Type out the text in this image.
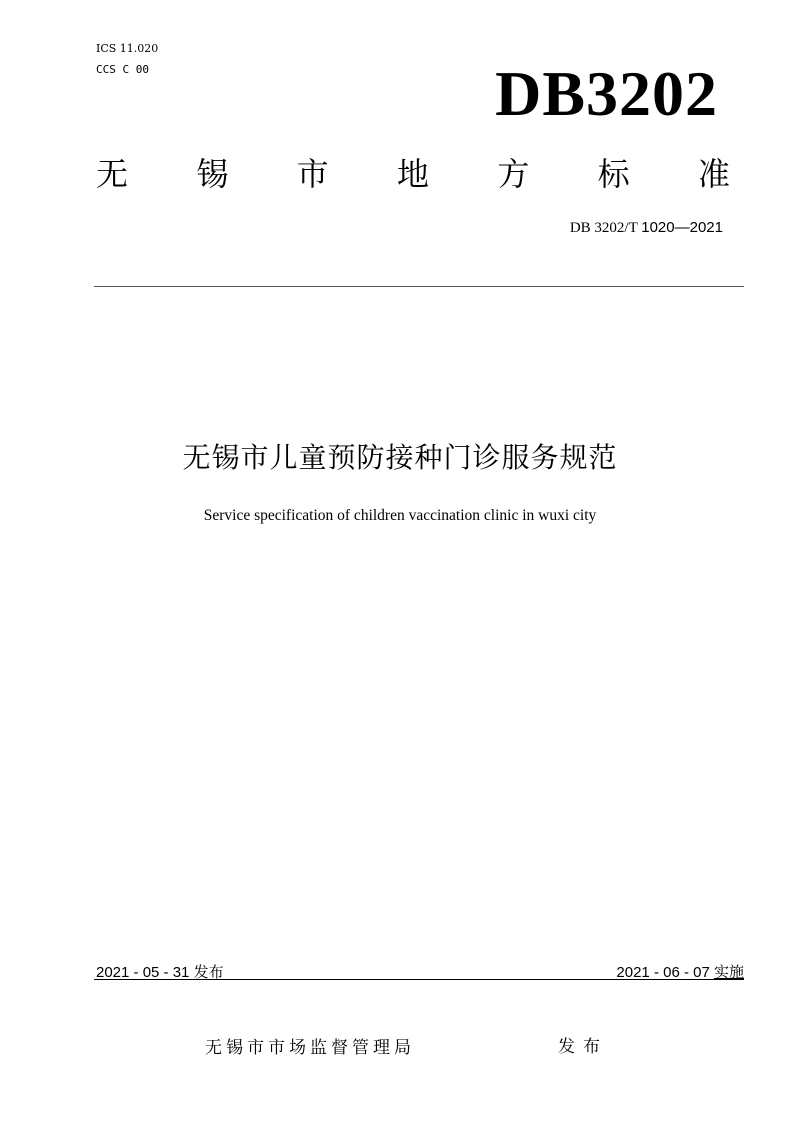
ICS 11.020
CCS C 00	DB3202
无 锡 市 地 方 标 准
DB 3202/T 1020—2021
无锡市儿童预防接种门诊服务规范
Service specification of children vaccination clinic in wuxi city
2021 - 05 - 31 发布	2021 - 06 - 07 实施
无锡市市场监督管理局	发布
